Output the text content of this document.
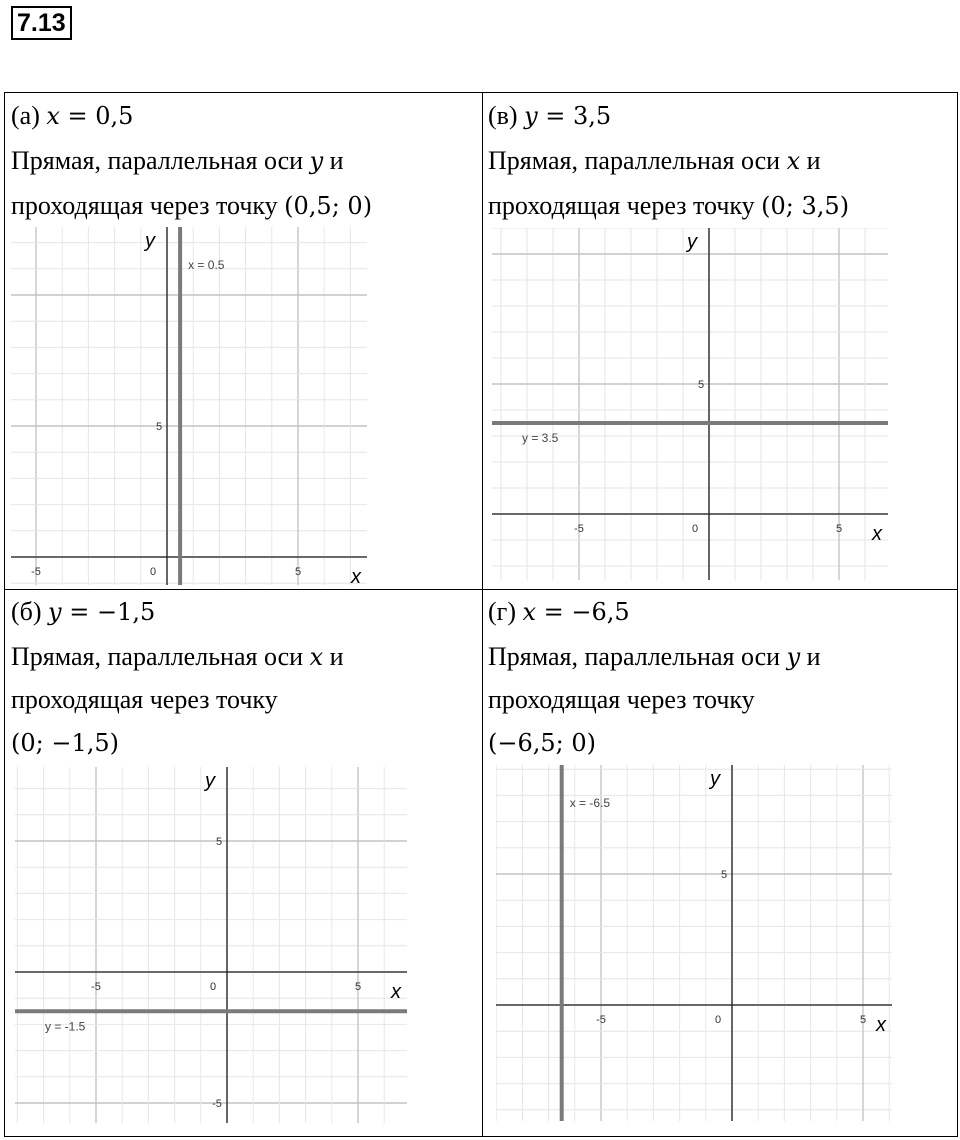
7.13
(а) x = 0,5
Прямая, параллельная оси y и
проходящая через точку (0,5; 0)
-5	0	5
5
y
x
x = 0.5
(в) y = 3,5
Прямая, параллельная оси x и
проходящая через точку (0; 3,5)
-5	0	5
5
y
x
y = 3.5
(б) y = −1,5
Прямая, параллельная оси x и
проходящая через точку
(0; −1,5)
-5	0	5
5
-5
y
x
y = -1.5
(г) x = −6,5
Прямая, параллельная оси y и
проходящая через точку
(−6,5; 0)
-5	0	5
5
y
x
x = -6.5
